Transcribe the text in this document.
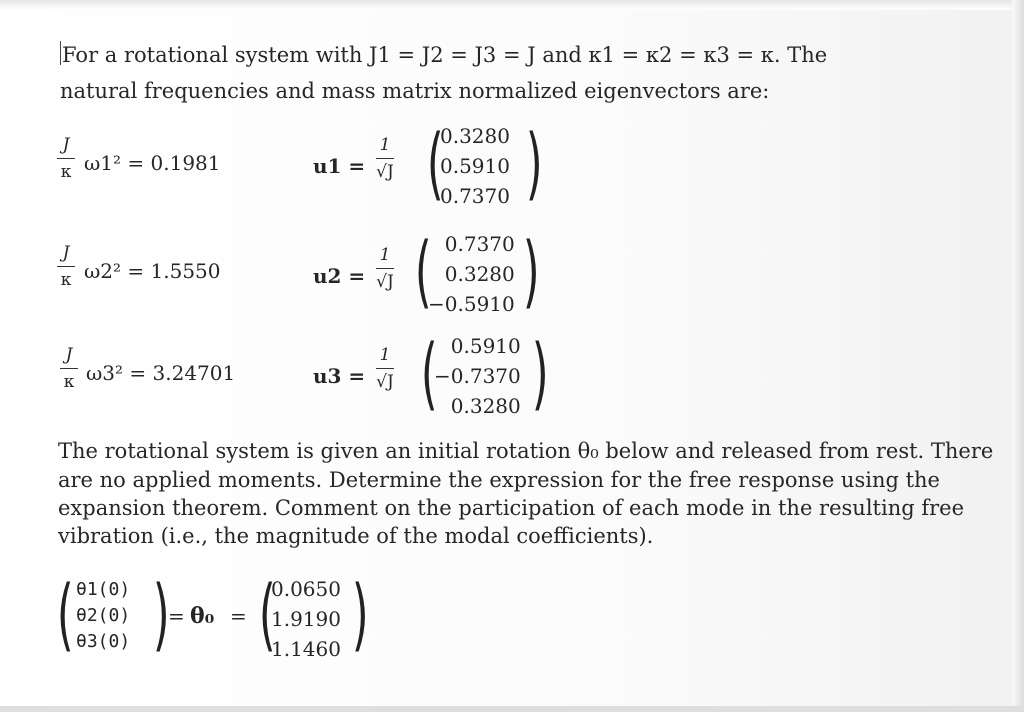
For a rotational system with J1 = J2 = J3 = J and κ1 = κ2 = κ3 = κ. The
natural frequencies and mass matrix normalized eigenvectors are:
J
κ ω1² = 0.1981	u1 =
1
√J (
0.3280
0.5910
0.7370 )
J
κ ω2² = 1.5550	u2 =
1
√J ( 0.7370
0.3280
−0.5910 )
J
κ ω3² = 3.24701	u3 =
1
√J ( 0.5910
−0.7370
0.3280 )
The rotational system is given an initial rotation θ₀ below and released from rest. There
are no applied moments. Determine the expression for the free response using the
expansion theorem. Comment on the participation of each mode in the resulting free
vibration (i.e., the magnitude of the modal coefficients).
( θ1(0)
θ2(0)
θ3(0) )
= θ₀ = (
0.0650
1.9190
1.1460 )
